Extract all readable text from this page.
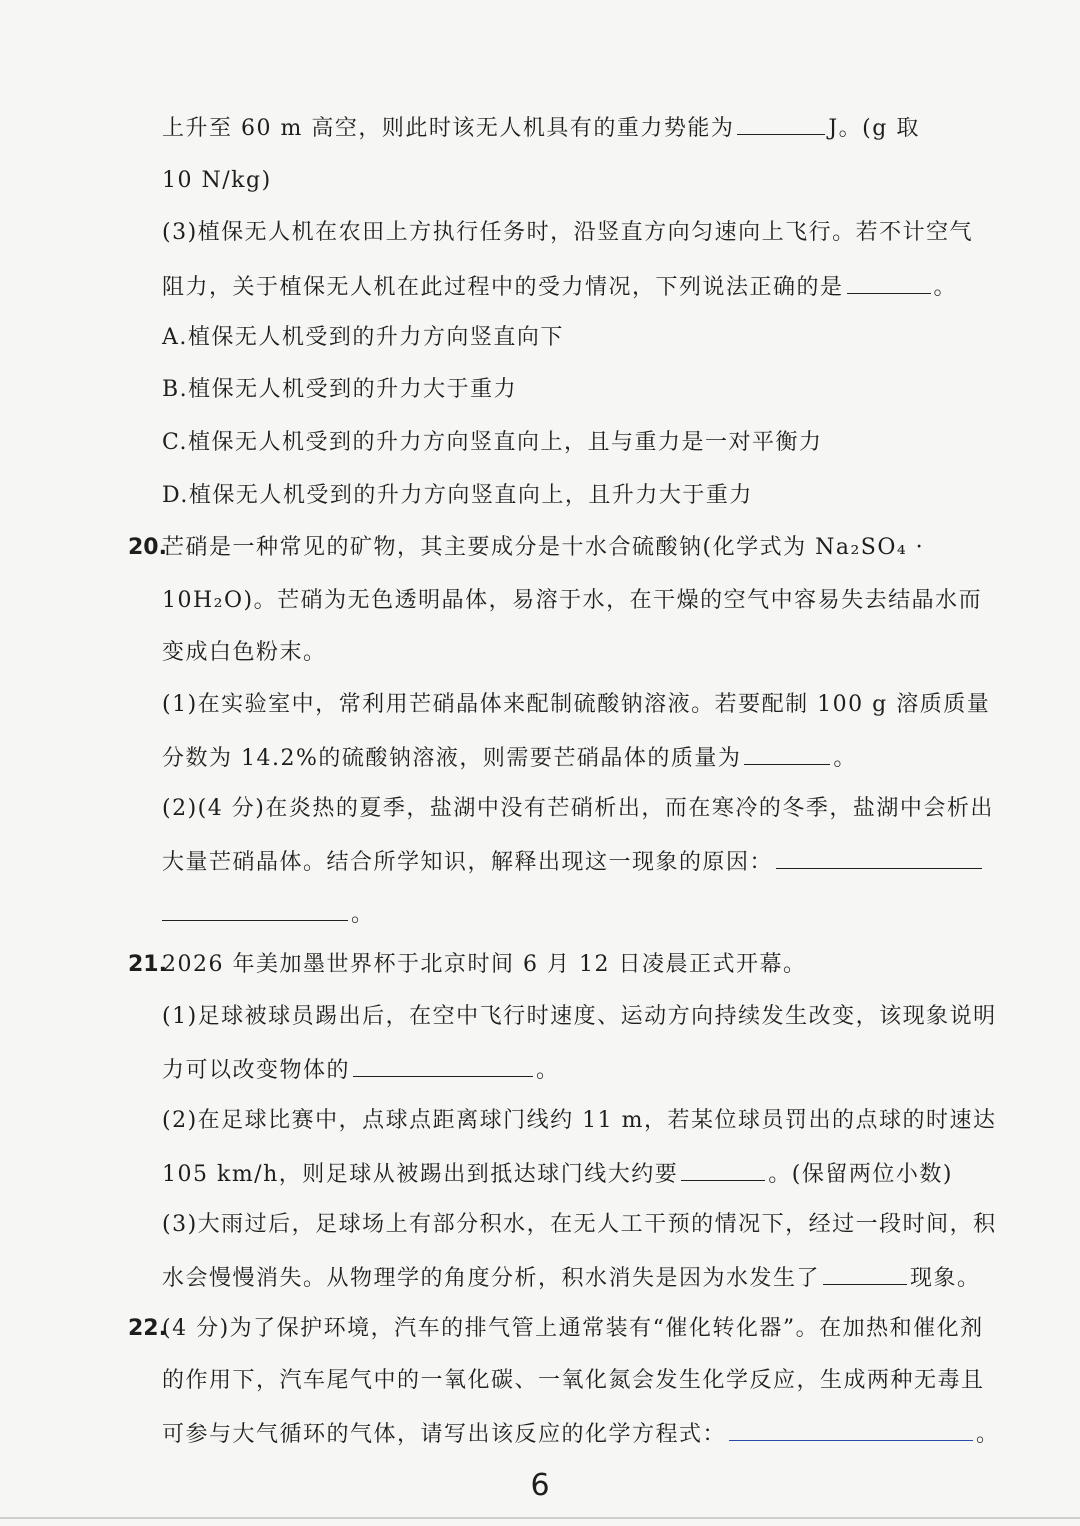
上升至 60 m 高空，则此时该无人机具有的重力势能为	J。(g 取
10 N/kg)
(3)植保无人机在农田上方执行任务时，沿竖直方向匀速向上飞行。若不计空气
阻力，关于植保无人机在此过程中的受力情况，下列说法正确的是	。
A.植保无人机受到的升力方向竖直向下
B.植保无人机受到的升力大于重力
C.植保无人机受到的升力方向竖直向上，且与重力是一对平衡力
D.植保无人机受到的升力方向竖直向上，且升力大于重力
20.
芒硝是一种常见的矿物，其主要成分是十水合硫酸钠(化学式为 Na₂SO₄ ·
10H₂O)。芒硝为无色透明晶体，易溶于水，在干燥的空气中容易失去结晶水而
变成白色粉末。
(1)在实验室中，常利用芒硝晶体来配制硫酸钠溶液。若要配制 100 g 溶质质量
分数为 14.2%的硫酸钠溶液，则需要芒硝晶体的质量为	。
(2)(4 分)在炎热的夏季，盐湖中没有芒硝析出，而在寒冷的冬季，盐湖中会析出
大量芒硝晶体。结合所学知识，解释出现这一现象的原因：
。
21.
2026 年美加墨世界杯于北京时间 6 月 12 日凌晨正式开幕。
(1)足球被球员踢出后，在空中飞行时速度、运动方向持续发生改变，该现象说明
力可以改变物体的	。
(2)在足球比赛中，点球点距离球门线约 11 m，若某位球员罚出的点球的时速达
105 km/h，则足球从被踢出到抵达球门线大约要	。(保留两位小数)
(3)大雨过后，足球场上有部分积水，在无人工干预的情况下，经过一段时间，积
水会慢慢消失。从物理学的角度分析，积水消失是因为水发生了	现象。
22.
(4 分)为了保护环境，汽车的排气管上通常装有“催化转化器”。在加热和催化剂
的作用下，汽车尾气中的一氧化碳、一氧化氮会发生化学反应，生成两种无毒且
可参与大气循环的气体，请写出该反应的化学方程式：	。
6
